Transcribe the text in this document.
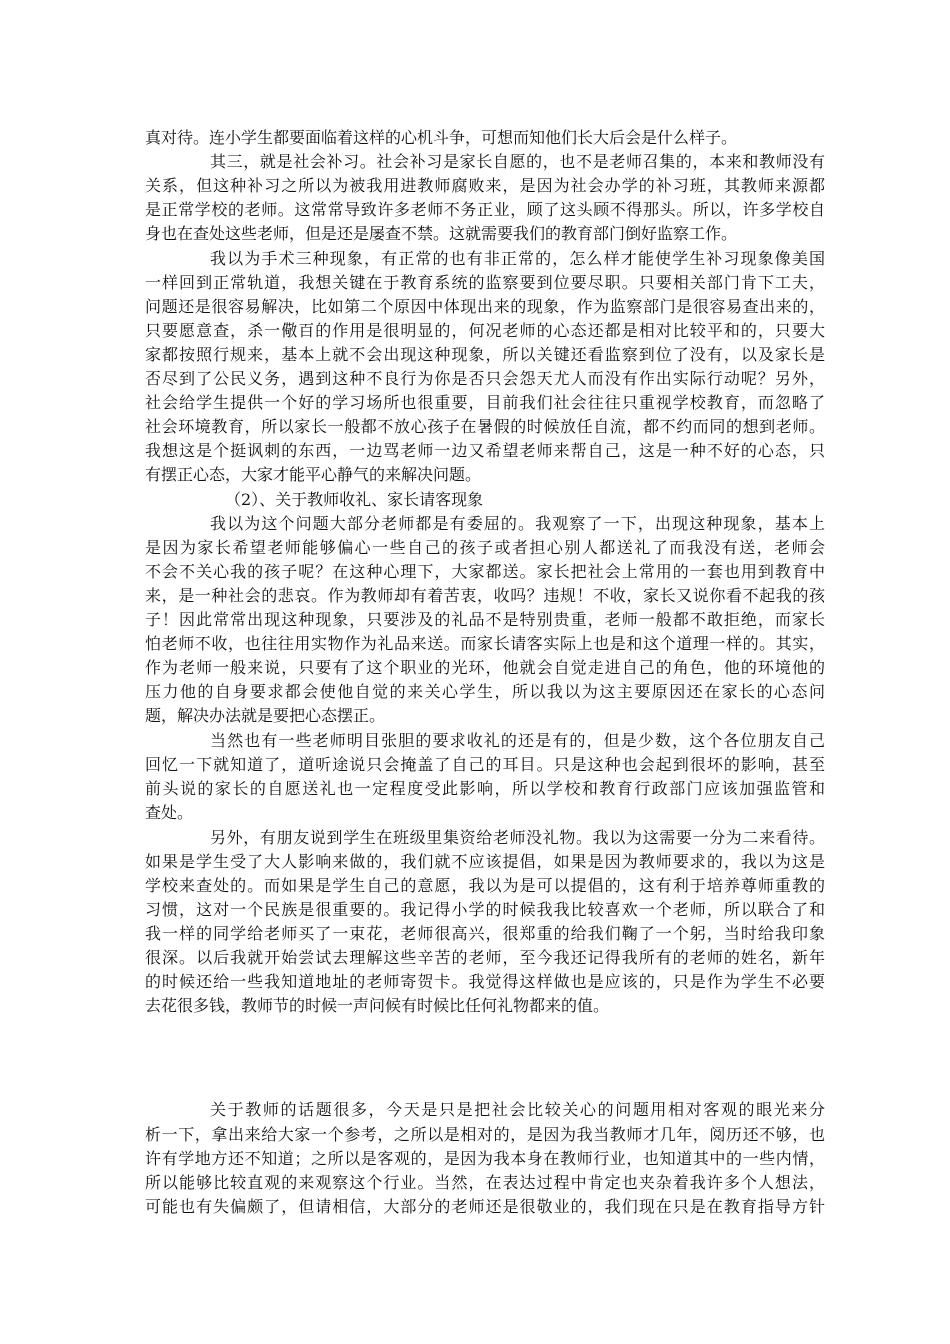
真对待。连小学生都要面临着这样的心机斗争，可想而知他们长大后会是什么样子。
其三，就是社会补习。社会补习是家长自愿的，也不是老师召集的，本来和教师没有
关系，但这种补习之所以为被我用进教师腐败来，是因为社会办学的补习班，其教师来源都
是正常学校的老师。这常常导致许多老师不务正业，顾了这头顾不得那头。所以，许多学校自
身也在查处这些老师，但是还是屡查不禁。这就需要我们的教育部门倒好监察工作。
我以为手术三种现象，有正常的也有非正常的，怎么样才能使学生补习现象像美国
一样回到正常轨道，我想关键在于教育系统的监察要到位要尽职。只要相关部门肯下工夫，
问题还是很容易解决，比如第二个原因中体现出来的现象，作为监察部门是很容易查出来的，
只要愿意查，杀一儆百的作用是很明显的，何况老师的心态还都是相对比较平和的，只要大
家都按照行规来，基本上就不会出现这种现象，所以关键还看监察到位了没有，以及家长是
否尽到了公民义务，遇到这种不良行为你是否只会怨天尤人而没有作出实际行动呢？另外，
社会给学生提供一个好的学习场所也很重要，目前我们社会往往只重视学校教育，而忽略了
社会环境教育，所以家长一般都不放心孩子在暑假的时候放任自流，都不约而同的想到老师。
我想这是个挺讽刺的东西，一边骂老师一边又希望老师来帮自己，这是一种不好的心态，只
有摆正心态，大家才能平心静气的来解决问题。
（2）、关于教师收礼、家长请客现象
我以为这个问题大部分老师都是有委屈的。我观察了一下，出现这种现象，基本上
是因为家长希望老师能够偏心一些自己的孩子或者担心别人都送礼了而我没有送，老师会
不会不关心我的孩子呢？在这种心理下，大家都送。家长把社会上常用的一套也用到教育中
来，是一种社会的悲哀。作为教师却有着苦衷，收吗？违规！不收，家长又说你看不起我的孩
子！因此常常出现这种现象，只要涉及的礼品不是特别贵重，老师一般都不敢拒绝，而家长
怕老师不收，也往往用实物作为礼品来送。而家长请客实际上也是和这个道理一样的。其实，
作为老师一般来说，只要有了这个职业的光环，他就会自觉走进自己的角色，他的环境他的
压力他的自身要求都会使他自觉的来关心学生，所以我以为这主要原因还在家长的心态问
题，解决办法就是要把心态摆正。
当然也有一些老师明目张胆的要求收礼的还是有的，但是少数，这个各位朋友自己
回忆一下就知道了，道听途说只会掩盖了自己的耳目。只是这种也会起到很坏的影响，甚至
前头说的家长的自愿送礼也一定程度受此影响，所以学校和教育行政部门应该加强监管和
查处。
另外，有朋友说到学生在班级里集资给老师没礼物。我以为这需要一分为二来看待。
如果是学生受了大人影响来做的，我们就不应该提倡，如果是因为教师要求的，我以为这是
学校来查处的。而如果是学生自己的意愿，我以为是可以提倡的，这有利于培养尊师重教的
习惯，这对一个民族是很重要的。我记得小学的时候我我比较喜欢一个老师，所以联合了和
我一样的同学给老师买了一束花，老师很高兴，很郑重的给我们鞠了一个躬，当时给我印象
很深。以后我就开始尝试去理解这些辛苦的老师，至今我还记得我所有的老师的姓名，新年
的时候还给一些我知道地址的老师寄贺卡。我觉得这样做也是应该的，只是作为学生不必要
去花很多钱，教师节的时候一声问候有时候比任何礼物都来的值。
关于教师的话题很多，今天是只是把社会比较关心的问题用相对客观的眼光来分
析一下，拿出来给大家一个参考，之所以是相对的，是因为我当教师才几年，阅历还不够，也
许有学地方还不知道；之所以是客观的，是因为我本身在教师行业，也知道其中的一些内情，
所以能够比较直观的来观察这个行业。当然，在表达过程中肯定也夹杂着我许多个人想法，
可能也有失偏颇了，但请相信，大部分的老师还是很敬业的，我们现在只是在教育指导方针
